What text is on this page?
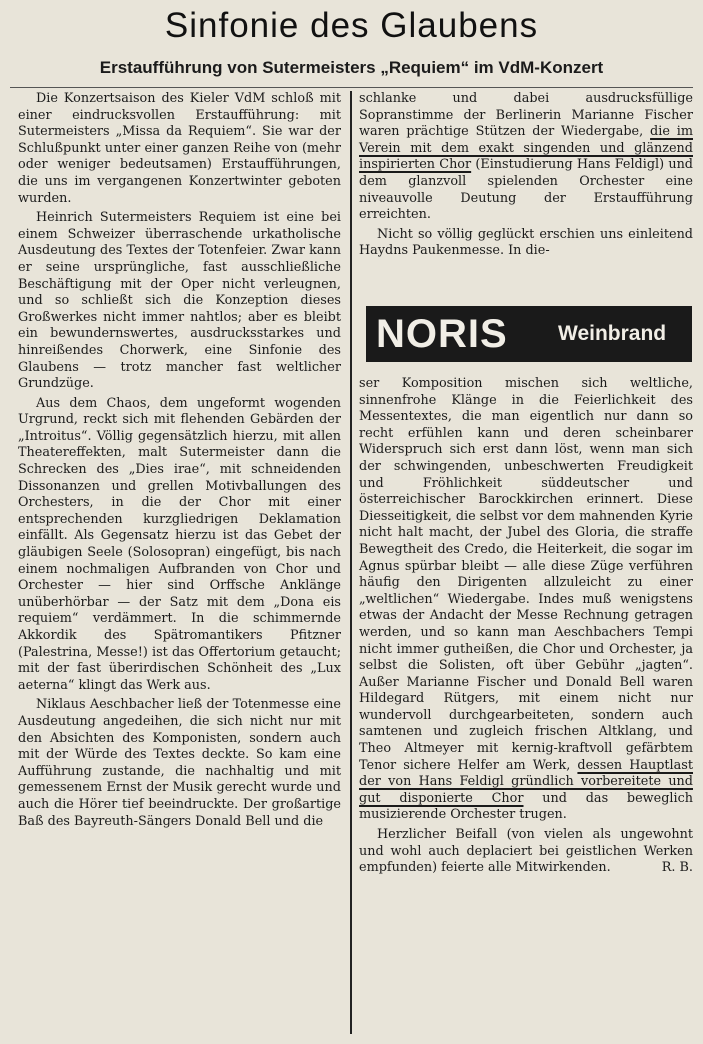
Sinfonie des Glaubens
Erstaufführung von Sutermeisters „Requiem“ im VdM-Konzert

Die Konzertsaison des Kieler VdM schloß mit einer eindrucksvollen Erstaufführung: mit Sutermeisters „Missa da Requiem“. Sie war der Schlußpunkt unter einer ganzen Reihe von (mehr oder weniger bedeutsamen) Erstaufführungen, die uns im vergangenen Konzertwinter geboten wurden.

Heinrich Sutermeisters Requiem ist eine bei einem Schweizer überraschende urkatholische Ausdeutung des Textes der Totenfeier. Zwar kann er seine ursprüngliche, fast ausschließliche Beschäftigung mit der Oper nicht verleugnen, und so schließt sich die Konzeption dieses Großwerkes nicht immer nahtlos; aber es bleibt ein bewundernswertes, ausdrucksstarkes und hinreißendes Chorwerk, eine Sinfonie des Glaubens — trotz mancher fast weltlicher Grundzüge.

Aus dem Chaos, dem ungeformt wogenden Urgrund, reckt sich mit flehenden Gebärden der „Introitus“. Völlig gegensätzlich hierzu, mit allen Theatereffekten, malt Sutermeister dann die Schrecken des „Dies irae“, mit schneidenden Dissonanzen und grellen Motivballungen des Orchesters, in die der Chor mit einer entsprechenden kurzgliedrigen Deklamation einfällt. Als Gegensatz hierzu ist das Gebet der gläubigen Seele (Solosopran) eingefügt, bis nach einem nochmaligen Aufbranden von Chor und Orchester — hier sind Orffsche Anklänge unüberhörbar — der Satz mit dem „Dona eis requiem“ verdämmert. In die schimmernde Akkordik des Spätromantikers Pfitzner (Palestrina, Messe!) ist das Offertorium getaucht; mit der fast überirdischen Schönheit des „Lux aeterna“ klingt das Werk aus.

Niklaus Aeschbacher ließ der Totenmesse eine Ausdeutung angedeihen, die sich nicht nur mit den Absichten des Komponisten, sondern auch mit der Würde des Textes deckte. So kam eine Aufführung zustande, die nachhaltig und mit gemessenem Ernst der Musik gerecht wurde und auch die Hörer tief beeindruckte. Der großartige Baß des Bayreuth-Sängers Donald Bell und die

schlanke und dabei ausdrucksfüllige Sopranstimme der Berlinerin Marianne Fischer waren prächtige Stützen der Wiedergabe, die im Verein mit dem exakt singenden und glänzend inspirierten Chor (Einstudierung Hans Feldigl) und dem glanzvoll spielenden Orchester eine niveauvolle Deutung der Erstaufführung erreichten.

Nicht so völlig geglückt erschien uns einleitend Haydns Paukenmesse. In die-

NORIS Weinbrand

ser Komposition mischen sich weltliche, sinnenfrohe Klänge in die Feierlichkeit des Messentextes, die man eigentlich nur dann so recht erfühlen kann und deren scheinbarer Widerspruch sich erst dann löst, wenn man sich der schwingenden, unbeschwerten Freudigkeit und Fröhlichkeit süddeutscher und österreichischer Barockkirchen erinnert. Diese Diesseitigkeit, die selbst vor dem mahnenden Kyrie nicht halt macht, der Jubel des Gloria, die straffe Bewegtheit des Credo, die Heiterkeit, die sogar im Agnus spürbar bleibt — alle diese Züge verführen häufig den Dirigenten allzuleicht zu einer „weltlichen“ Wiedergabe. Indes muß wenigstens etwas der Andacht der Messe Rechnung getragen werden, und so kann man Aeschbachers Tempi nicht immer gutheißen, die Chor und Orchester, ja selbst die Solisten, oft über Gebühr „jagten“. Außer Marianne Fischer und Donald Bell waren Hildegard Rütgers, mit einem nicht nur wundervoll durchgearbeiteten, sondern auch samtenen und zugleich frischen Altklang, und Theo Altmeyer mit kernig-kraftvoll gefärbtem Tenor sichere Helfer am Werk, dessen Hauptlast der von Hans Feldigl gründlich vorbereitete und gut disponierte Chor und das beweglich musizierende Orchester trugen.

Herzlicher Beifall (von vielen als ungewohnt und wohl auch deplaciert bei geistlichen Werken empfunden) feierte alle Mitwirkenden.	R. B.
